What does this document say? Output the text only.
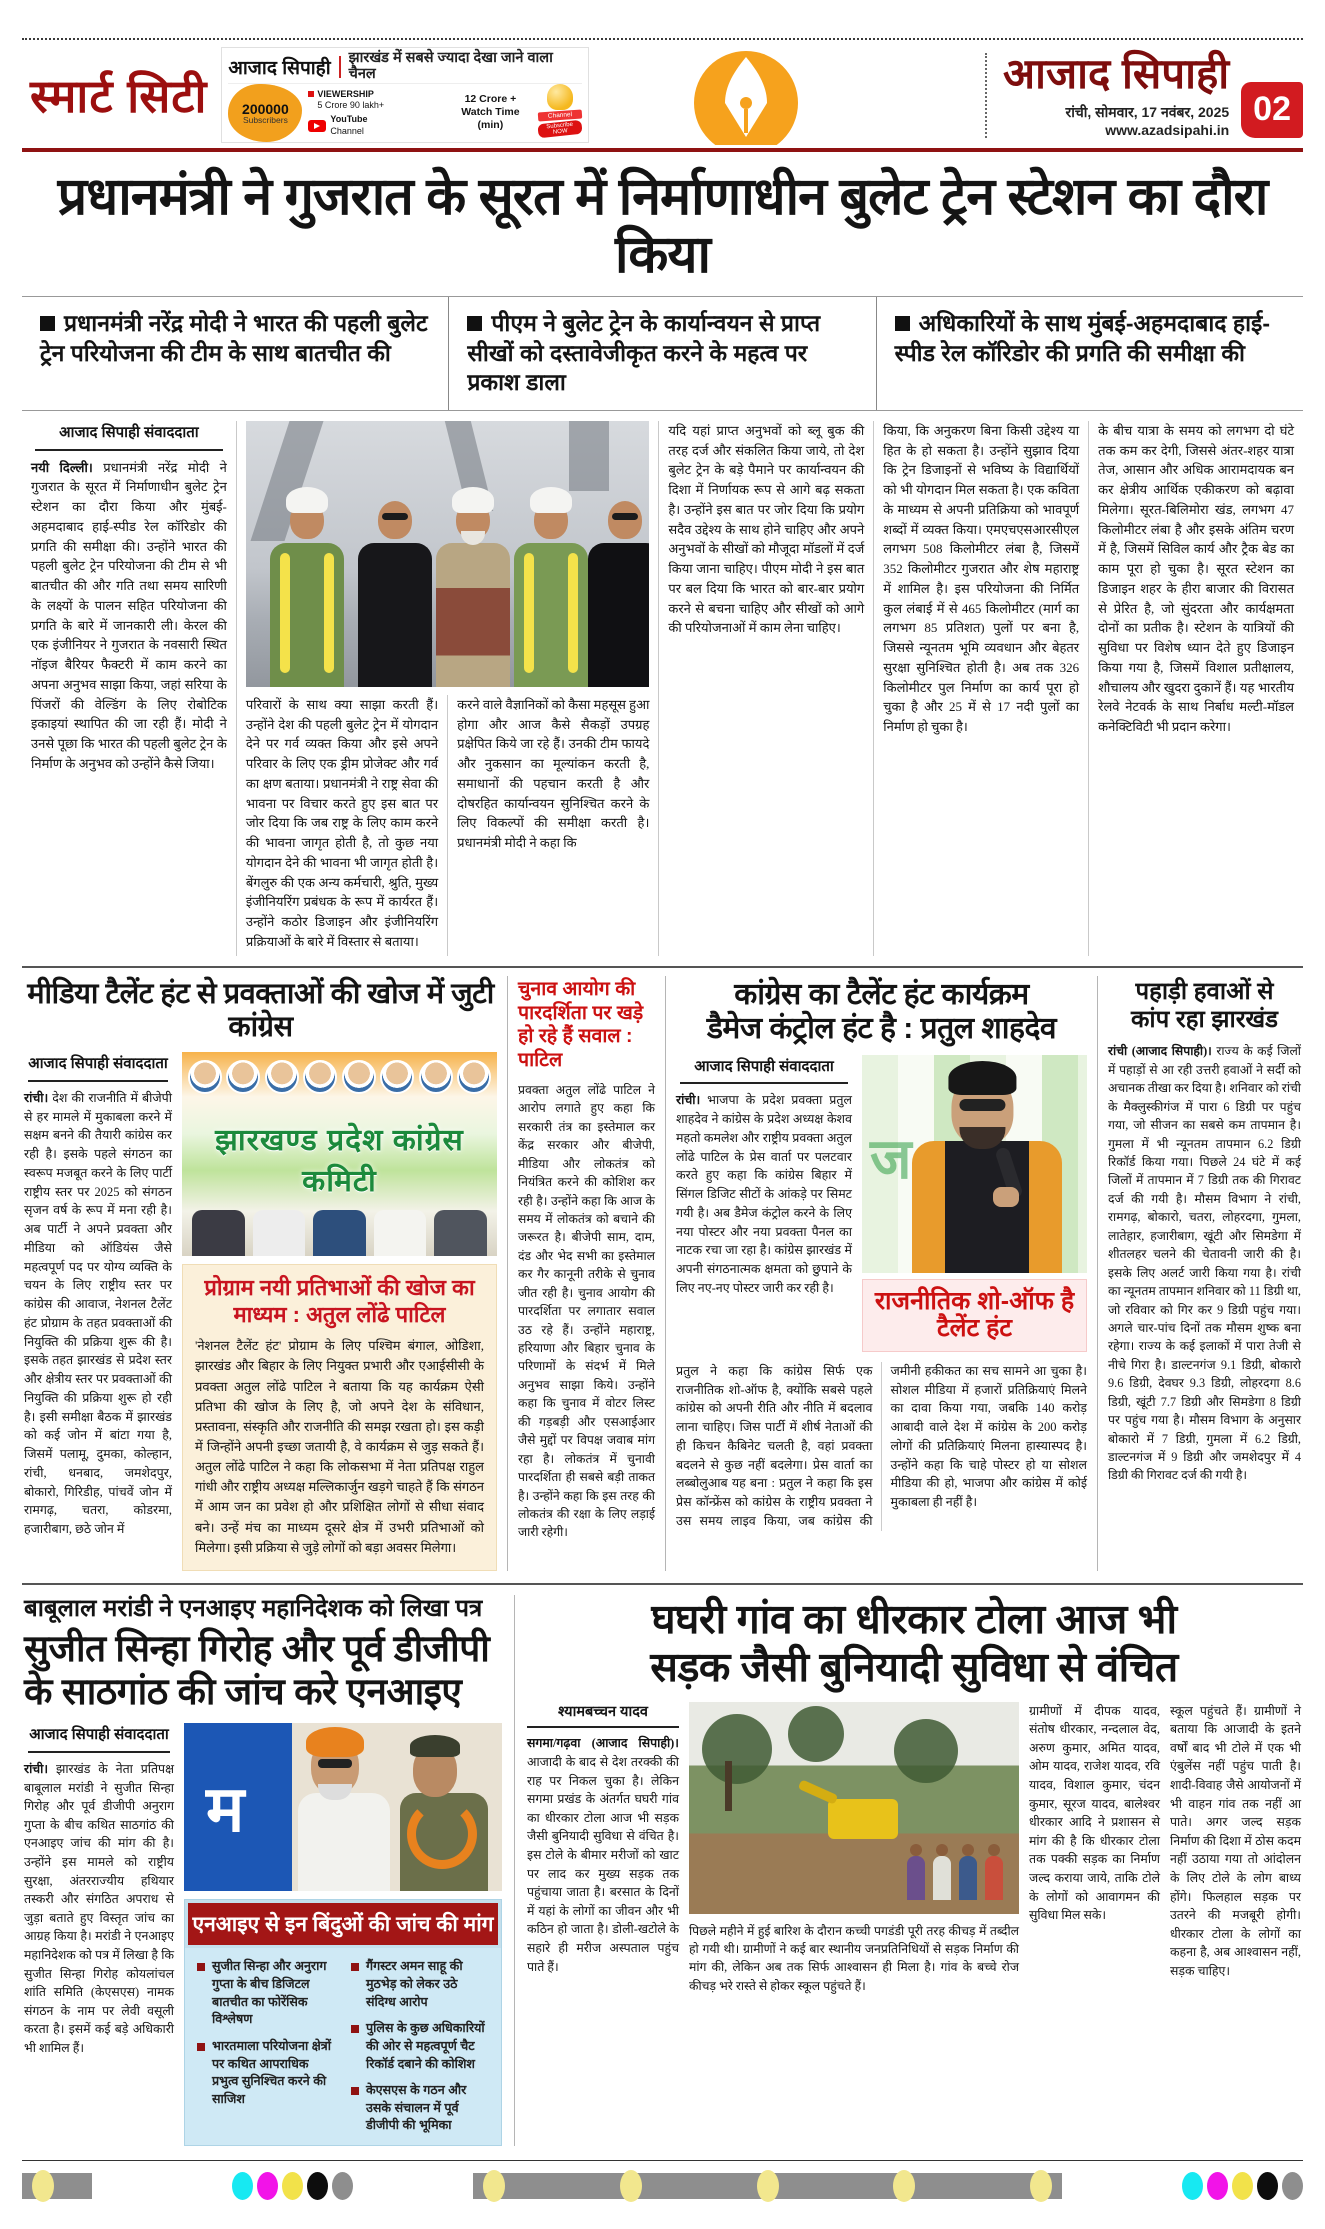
स्मार्ट सिटी
आजाद सिपाही झारखंड में सबसे ज्यादा देखा जाने वाला चैनल
200000
Subscribers
VIEWERSHIP
5 Crore 90 lakh+
YouTube
Channel
12 Crore +
Watch Time (min)
Channel
Subscribe NOW
आजाद सिपाही
रांची, सोमवार, 17 नवंबर, 2025
www.azadsipahi.in
02
प्रधानमंत्री ने गुजरात के सूरत में निर्माणाधीन बुलेट ट्रेन स्टेशन का दौरा किया
प्रधानमंत्री नरेंद्र मोदी ने भारत की पहली बुलेट ट्रेन परियोजना की टीम के साथ बातचीत की
पीएम ने बुलेट ट्रेन के कार्यान्वयन से प्राप्त सीखों को दस्तावेजीकृत करने के महत्व पर प्रकाश डाला
अधिकारियों के साथ मुंबई-अहमदाबाद हाई-स्पीड रेल कॉरिडोर की प्रगति की समीक्षा की
आजाद सिपाही संवाददाता
नयी दिल्ली। प्रधानमंत्री नरेंद्र मोदी ने गुजरात के सूरत में निर्माणाधीन बुलेट ट्रेन स्टेशन का दौरा किया और मुंबई-अहमदाबाद हाई-स्पीड रेल कॉरिडोर की प्रगति की समीक्षा की। उन्होंने भारत की पहली बुलेट ट्रेन परियोजना की टीम से भी बातचीत की और गति तथा समय सारिणी के लक्ष्यों के पालन सहित परियोजना की प्रगति के बारे में जानकारी ली। केरल की एक इंजीनियर ने गुजरात के नवसारी स्थित नॉइज बैरियर फैक्टरी में काम करने का अपना अनुभव साझा किया, जहां सरिया के पिंजरों की वेल्डिंग के लिए रोबोटिक इकाइयां स्थापित की जा रही हैं। मोदी ने उनसे पूछा कि भारत की पहली बुलेट ट्रेन के निर्माण के अनुभव को उन्होंने कैसे जिया।
परिवारों के साथ क्या साझा करती हैं। उन्होंने देश की पहली बुलेट ट्रेन में योगदान देने पर गर्व व्यक्त किया और इसे अपने परिवार के लिए एक ड्रीम प्रोजेक्ट और गर्व का क्षण बताया। प्रधानमंत्री ने राष्ट्र सेवा की भावना पर विचार करते हुए इस बात पर जोर दिया कि जब राष्ट्र के लिए काम करने की भावना जागृत होती है, तो कुछ नया योगदान देने की भावना भी जागृत होती है। बेंगलुरु की एक अन्य कर्मचारी, श्रुति, मुख्य इंजीनियरिंग प्रबंधक के रूप में कार्यरत हैं। उन्होंने कठोर डिजाइन और इंजीनियरिंग प्रक्रियाओं के बारे में विस्तार से बताया।
करने वाले वैज्ञानिकों को कैसा महसूस हुआ होगा और आज कैसे सैकड़ों उपग्रह प्रक्षेपित किये जा रहे हैं। उनकी टीम फायदे और नुकसान का मूल्यांकन करती है, समाधानों की पहचान करती है और दोषरहित कार्यान्वयन सुनिश्चित करने के लिए विकल्पों की समीक्षा करती है। प्रधानमंत्री मोदी ने कहा कि
यदि यहां प्राप्त अनुभवों को ब्लू बुक की तरह दर्ज और संकलित किया जाये, तो देश बुलेट ट्रेन के बड़े पैमाने पर कार्यान्वयन की दिशा में निर्णायक रूप से आगे बढ़ सकता है। उन्होंने इस बात पर जोर दिया कि प्रयोग सदैव उद्देश्य के साथ होने चाहिए और अपने अनुभवों के सीखों को मौजूदा मॉडलों में दर्ज किया जाना चाहिए। पीएम मोदी ने इस बात पर बल दिया कि भारत को बार-बार प्रयोग करने से बचना चाहिए और सीखों को आगे की परियोजनाओं में काम लेना चाहिए।
किया, कि अनुकरण बिना किसी उद्देश्य या हित के हो सकता है। उन्होंने सुझाव दिया कि ट्रेन डिजाइनों से भविष्य के विद्यार्थियों को भी योगदान मिल सकता है। एक कविता के माध्यम से अपनी प्रतिक्रिया को भावपूर्ण शब्दों में व्यक्त किया। एमएचएसआरसीएल लगभग 508 किलोमीटर लंबा है, जिसमें 352 किलोमीटर गुजरात और शेष महाराष्ट्र में शामिल है। इस परियोजना की निर्मित कुल लंबाई में से 465 किलोमीटर (मार्ग का लगभग 85 प्रतिशत) पुलों पर बना है, जिससे न्यूनतम भूमि व्यवधान और बेहतर सुरक्षा सुनिश्चित होती है। अब तक 326 किलोमीटर पुल निर्माण का कार्य पूरा हो चुका है और 25 में से 17 नदी पुलों का निर्माण हो चुका है।
के बीच यात्रा के समय को लगभग दो घंटे तक कम कर देगी, जिससे अंतर-शहर यात्रा तेज, आसान और अधिक आरामदायक बन कर क्षेत्रीय आर्थिक एकीकरण को बढ़ावा मिलेगा। सूरत-बिलिमोरा खंड, लगभग 47 किलोमीटर लंबा है और इसके अंतिम चरण में है, जिसमें सिविल कार्य और ट्रैक बेड का काम पूरा हो चुका है। सूरत स्टेशन का डिजाइन शहर के हीरा बाजार की विरासत से प्रेरित है, जो सुंदरता और कार्यक्षमता दोनों का प्रतीक है। स्टेशन के यात्रियों की सुविधा पर विशेष ध्यान देते हुए डिजाइन किया गया है, जिसमें विशाल प्रतीक्षालय, शौचालय और खुदरा दुकानें हैं। यह भारतीय रेलवे नेटवर्क के साथ निर्बाध मल्टी-मॉडल कनेक्टिविटी भी प्रदान करेगा।
मीडिया टैलेंट हंट से प्रवक्ताओं की खोज में जुटी कांग्रेस
आजाद सिपाही संवाददाता
रांची। देश की राजनीति में बीजेपी से हर मामले में मुकाबला करने में सक्षम बनने की तैयारी कांग्रेस कर रही है। इसके पहले संगठन का स्वरूप मजबूत करने के लिए पार्टी राष्ट्रीय स्तर पर 2025 को संगठन सृजन वर्ष के रूप में मना रही है। अब पार्टी ने अपने प्रवक्ता और मीडिया को ऑडियंस जैसे महत्वपूर्ण पद पर योग्य व्यक्ति के चयन के लिए राष्ट्रीय स्तर पर कांग्रेस की आवाज, नेशनल टैलेंट हंट प्रोग्राम के तहत प्रवक्ताओं की नियुक्ति की प्रक्रिया शुरू की है। इसके तहत झारखंड से प्रदेश स्तर और क्षेत्रीय स्तर पर प्रवक्ताओं की नियुक्ति की प्रक्रिया शुरू हो रही है। इसी समीक्षा बैठक में झारखंड को कई जोन में बांटा गया है, जिसमें पलामू, दुमका, कोल्हान, रांची, धनबाद, जमशेदपुर, बोकारो, गिरिडीह, पांचवें जोन में रामगढ़, चतरा, कोडरमा, हजारीबाग, छठे जोन में
झारखण्ड प्रदेश कांग्रेस कमिटी
प्रोग्राम नयी प्रतिभाओं की खोज का माध्यम : अतुल लोंढे पाटिल
'नेशनल टैलेंट हंट' प्रोग्राम के लिए पश्चिम बंगाल, ओडिशा, झारखंड और बिहार के लिए नियुक्त प्रभारी और एआईसीसी के प्रवक्ता अतुल लोंढे पाटिल ने बताया कि यह कार्यक्रम ऐसी प्रतिभा की खोज के लिए है, जो अपने देश के संविधान, प्रस्तावना, संस्कृति और राजनीति की समझ रखता हो। इस कड़ी में जिन्होंने अपनी इच्छा जतायी है, वे कार्यक्रम से जुड़ सकते हैं। अतुल लोंढे पाटिल ने कहा कि लोकसभा में नेता प्रतिपक्ष राहुल गांधी और राष्ट्रीय अध्यक्ष मल्लिकार्जुन खड़गे चाहते हैं कि संगठन में आम जन का प्रवेश हो और प्रशिक्षित लोगों से सीधा संवाद बने। उन्हें मंच का माध्यम दूसरे क्षेत्र में उभरी प्रतिभाओं को मिलेगा। इसी प्रक्रिया से जुड़े लोगों को बड़ा अवसर मिलेगा।
चुनाव आयोग की पारदर्शिता पर खड़े हो रहे हैं सवाल : पाटिल
प्रवक्ता अतुल लोंढे पाटिल ने आरोप लगाते हुए कहा कि सरकारी तंत्र का इस्तेमाल कर केंद्र सरकार और बीजेपी, मीडिया और लोकतंत्र को नियंत्रित करने की कोशिश कर रही है। उन्होंने कहा कि आज के समय में लोकतंत्र को बचाने की जरूरत है। बीजेपी साम, दाम, दंड और भेद सभी का इस्तेमाल कर गैर कानूनी तरीके से चुनाव जीत रही है। चुनाव आयोग की पारदर्शिता पर लगातार सवाल उठ रहे हैं। उन्होंने महाराष्ट्र, हरियाणा और बिहार चुनाव के परिणामों के संदर्भ में मिले अनुभव साझा किये। उन्होंने कहा कि चुनाव में वोटर लिस्ट की गड़बड़ी और एसआईआर जैसे मुद्दों पर विपक्ष जवाब मांग रहा है। लोकतंत्र में चुनावी पारदर्शिता ही सबसे बड़ी ताकत है। उन्होंने कहा कि इस तरह की लोकतंत्र की रक्षा के लिए लड़ाई जारी रहेगी।
कांग्रेस का टैलेंट हंट कार्यक्रम
डैमेज कंट्रोल हंट है : प्रतुल शाहदेव
आजाद सिपाही संवाददाता
रांची। भाजपा के प्रदेश प्रवक्ता प्रतुल शाहदेव ने कांग्रेस के प्रदेश अध्यक्ष केशव महतो कमलेश और राष्ट्रीय प्रवक्ता अतुल लोंढे पाटिल के प्रेस वार्ता पर पलटवार करते हुए कहा कि कांग्रेस बिहार में सिंगल डिजिट सीटों के आंकड़े पर सिमट गयी है। अब डैमेज कंट्रोल करने के लिए नया पोस्टर और नया प्रवक्ता पैनल का नाटक रचा जा रहा है। कांग्रेस झारखंड में अपनी संगठनात्मक क्षमता को छुपाने के लिए नए-नए पोस्टर जारी कर रही है।
ज
राजनीतिक शो-ऑफ है टैलेंट हंट
प्रतुल ने कहा कि कांग्रेस सिर्फ एक राजनीतिक शो-ऑफ है, क्योंकि सबसे पहले कांग्रेस को अपनी रीति और नीति में बदलाव लाना चाहिए। जिस पार्टी में शीर्ष नेताओं की ही किचन कैबिनेट चलती है, वहां प्रवक्ता बदलने से कुछ नहीं बदलेगा। प्रेस वार्ता का लब्बोलुआब यह बना : प्रतुल ने कहा कि इस प्रेस कॉन्फ्रेंस को कांग्रेस के राष्ट्रीय प्रवक्ता ने उस समय लाइव किया, जब कांग्रेस की जमीनी हकीकत का सच सामने आ चुका है। सोशल मीडिया में हजारों प्रतिक्रियाएं मिलने का दावा किया गया, जबकि 140 करोड़ आबादी वाले देश में कांग्रेस के 200 करोड़ लोगों की प्रतिक्रियाएं मिलना हास्यास्पद है। उन्होंने कहा कि चाहे पोस्टर हो या सोशल मीडिया की हो, भाजपा और कांग्रेस में कोई मुकाबला ही नहीं है।
पहाड़ी हवाओं से
कांप रहा झारखंड
रांची (आजाद सिपाही)। राज्य के कई जिलों में पहाड़ों से आ रही उत्तरी हवाओं ने सर्दी को अचानक तीखा कर दिया है। शनिवार को रांची के मैक्लुस्कीगंज में पारा 6 डिग्री पर पहुंच गया, जो सीजन का सबसे कम तापमान है। गुमला में भी न्यूनतम तापमान 6.2 डिग्री रिकॉर्ड किया गया। पिछले 24 घंटे में कई जिलों में तापमान में 7 डिग्री तक की गिरावट दर्ज की गयी है। मौसम विभाग ने रांची, रामगढ़, बोकारो, चतरा, लोहरदगा, गुमला, लातेहार, हजारीबाग, खूंटी और सिमडेगा में शीतलहर चलने की चेतावनी जारी की है। इसके लिए अलर्ट जारी किया गया है। रांची का न्यूनतम तापमान शनिवार को 11 डिग्री था, जो रविवार को गिर कर 9 डिग्री पहुंच गया। अगले चार-पांच दिनों तक मौसम शुष्क बना रहेगा। राज्य के कई इलाकों में पारा तेजी से नीचे गिरा है। डाल्टनगंज 9.1 डिग्री, बोकारो 9.6 डिग्री, देवघर 9.3 डिग्री, लोहरदगा 8.6 डिग्री, खूंटी 7.7 डिग्री और सिमडेगा 8 डिग्री पर पहुंच गया है। मौसम विभाग के अनुसार बोकारो में 7 डिग्री, गुमला में 6.2 डिग्री, डाल्टनगंज में 9 डिग्री और जमशेदपुर में 4 डिग्री की गिरावट दर्ज की गयी है।
बाबूलाल मरांडी ने एनआइए महानिदेशक को लिखा पत्र
सुजीत सिन्हा गिरोह और पूर्व डीजीपी
के साठगांठ की जांच करे एनआइए
आजाद सिपाही संवाददाता
रांची। झारखंड के नेता प्रतिपक्ष बाबूलाल मरांडी ने सुजीत सिन्हा गिरोह और पूर्व डीजीपी अनुराग गुप्ता के बीच कथित साठगांठ की एनआइए जांच की मांग की है। उन्होंने इस मामले को राष्ट्रीय सुरक्षा, अंतरराज्यीय हथियार तस्करी और संगठित अपराध से जुड़ा बताते हुए विस्तृत जांच का आग्रह किया है। मरांडी ने एनआइए महानिदेशक को पत्र में लिखा है कि सुजीत सिन्हा गिरोह कोयलांचल शांति समिति (केएसएस) नामक संगठन के नाम पर लेवी वसूली करता है। इसमें कई बड़े अधिकारी भी शामिल हैं।
म
एनआइए से इन बिंदुओं की जांच की मांग
सुजीत सिन्हा और अनुराग गुप्ता के बीच डिजिटल बातचीत का फोरेंसिक विश्लेषण
भारतमाला परियोजना क्षेत्रों पर कथित आपराधिक प्रभुत्व सुनिश्चित करने की साजिश
गैंगस्टर अमन साहू की मुठभेड़ को लेकर उठे संदिग्ध आरोप
पुलिस के कुछ अधिकारियों की ओर से महत्वपूर्ण चैट रिकॉर्ड दबाने की कोशिश
केएसएस के गठन और उसके संचालन में पूर्व डीजीपी की भूमिका
घघरी गांव का धीरकार टोला आज भी
सड़क जैसी बुनियादी सुविधा से वंचित
श्यामबच्चन यादव
सगमा/गढ़वा (आजाद सिपाही)। आजादी के बाद से देश तरक्की की राह पर निकल चुका है। लेकिन सगमा प्रखंड के अंतर्गत घघरी गांव का धीरकार टोला आज भी सड़क जैसी बुनियादी सुविधा से वंचित है। इस टोले के बीमार मरीजों को खाट पर लाद कर मुख्य सड़क तक पहुंचाया जाता है। बरसात के दिनों में यहां के लोगों का जीवन और भी कठिन हो जाता है। डोली-खटोले के सहारे ही मरीज अस्पताल पहुंच पाते हैं।
पिछले महीने में हुई बारिश के दौरान कच्ची पगडंडी पूरी तरह कीचड़ में तब्दील हो गयी थी। ग्रामीणों ने कई बार स्थानीय जनप्रतिनिधियों से सड़क निर्माण की मांग की, लेकिन अब तक सिर्फ आश्वासन ही मिला है। गांव के बच्चे रोज कीचड़ भरे रास्ते से होकर स्कूल पहुंचते हैं।
ग्रामीणों में दीपक यादव, संतोष धीरकार, नन्दलाल वेद, अरुण कुमार, अमित यादव, ओम यादव, राजेश यादव, रवि यादव, विशाल कुमार, चंदन कुमार, सूरज यादव, बालेश्वर धीरकार आदि ने प्रशासन से मांग की है कि धीरकार टोला तक पक्की सड़क का निर्माण जल्द कराया जाये, ताकि टोले के लोगों को आवागमन की सुविधा मिल सके।
स्कूल पहुंचते हैं। ग्रामीणों ने बताया कि आजादी के इतने वर्षों बाद भी टोले में एक भी एंबुलेंस नहीं पहुंच पाती है। शादी-विवाह जैसे आयोजनों में भी वाहन गांव तक नहीं आ पाते। अगर जल्द सड़क निर्माण की दिशा में ठोस कदम नहीं उठाया गया तो आंदोलन के लिए टोले के लोग बाध्य होंगे। फिलहाल सड़क पर उतरने की मजबूरी होगी। धीरकार टोला के लोगों का कहना है, अब आश्वासन नहीं, सड़क चाहिए।
